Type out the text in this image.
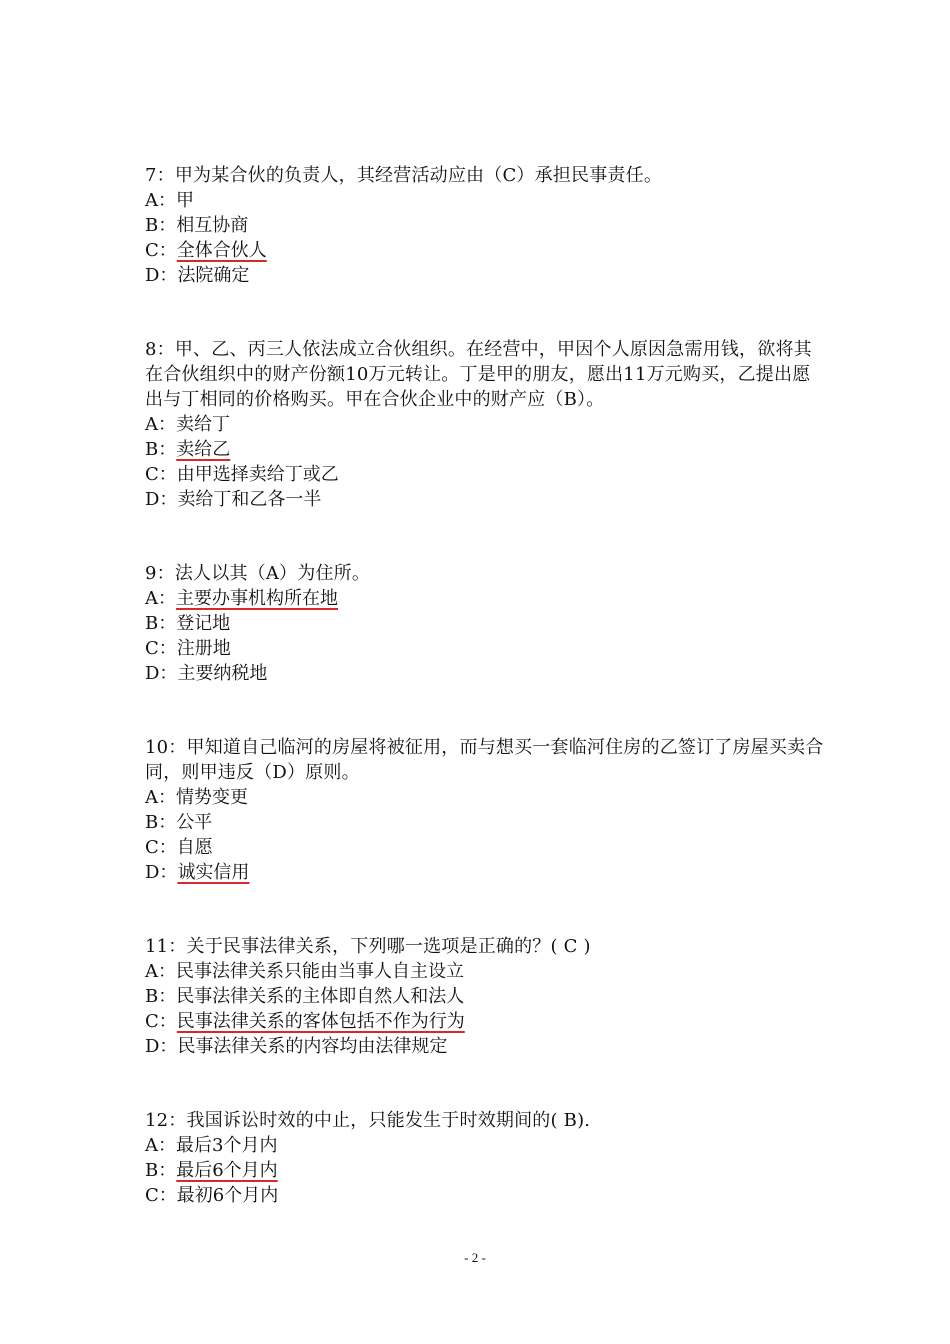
7：甲为某合伙的负责人，其经营活动应由（C）承担民事责任。

A：甲

B：相互协商

C：全体合伙人

D：法院确定

8：甲、乙、丙三人依法成立合伙组织。在经营中，甲因个人原因急需用钱，欲将其在合伙组织中的财产份额10万元转让。丁是甲的朋友，愿出11万元购买，乙提出愿出与丁相同的价格购买。甲在合伙企业中的财产应（B）。

A：卖给丁

B：卖给乙

C：由甲选择卖给丁或乙

D：卖给丁和乙各一半

9：法人以其（A）为住所。

A：主要办事机构所在地

B：登记地

C：注册地

D：主要纳税地

10：甲知道自己临河的房屋将被征用，而与想买一套临河住房的乙签订了房屋买卖合同，则甲违反（D）原则。

A：情势变更

B：公平

C：自愿

D：诚实信用

11：关于民事法律关系，下列哪一选项是正确的？( C )

A：民事法律关系只能由当事人自主设立

B：民事法律关系的主体即自然人和法人

C：民事法律关系的客体包括不作为行为

D：民事法律关系的内容均由法律规定

12：我国诉讼时效的中止，只能发生于时效期间的( B).

A：最后3个月内

B：最后6个月内

C：最初6个月内

- 2 -
